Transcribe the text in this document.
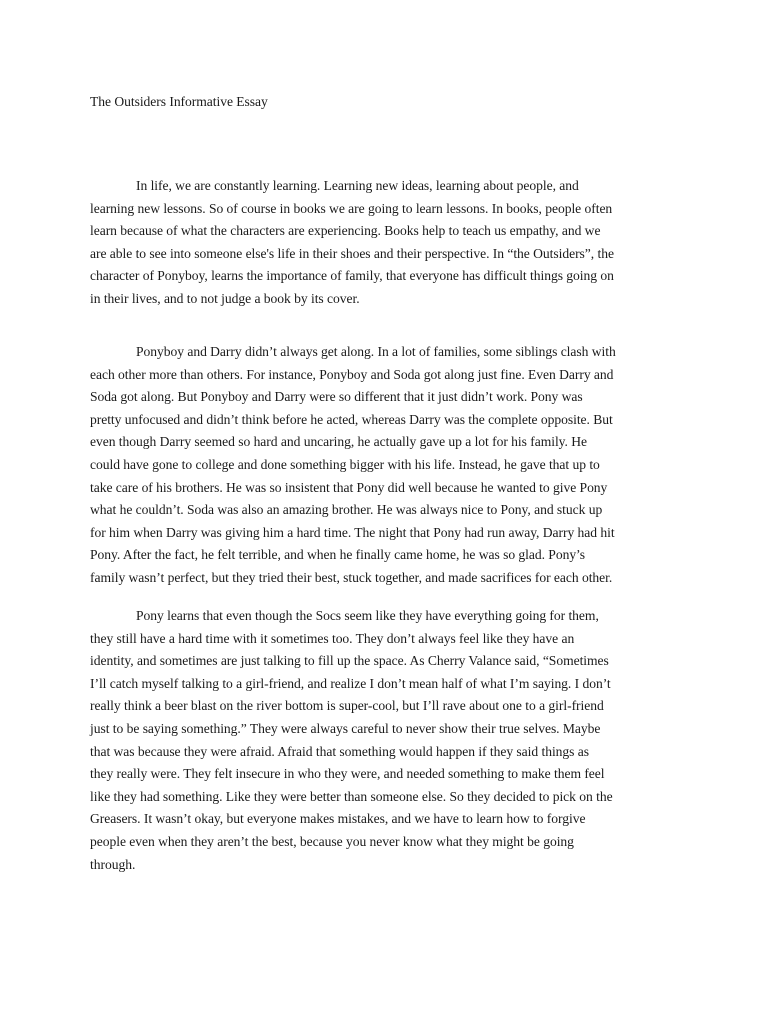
The Outsiders Informative Essay

In life, we are constantly learning. Learning new ideas, learning about people, and
learning new lessons. So of course in books we are going to learn lessons. In books, people often
learn because of what the characters are experiencing. Books help to teach us empathy, and we
are able to see into someone else's life in their shoes and their perspective. In “the Outsiders”, the
character of Ponyboy, learns the importance of family, that everyone has difficult things going on
in their lives, and to not judge a book by its cover.
Ponyboy and Darry didn’t always get along. In a lot of families, some siblings clash with
each other more than others. For instance, Ponyboy and Soda got along just fine. Even Darry and
Soda got along. But Ponyboy and Darry were so different that it just didn’t work. Pony was
pretty unfocused and didn’t think before he acted, whereas Darry was the complete opposite. But
even though Darry seemed so hard and uncaring, he actually gave up a lot for his family. He
could have gone to college and done something bigger with his life. Instead, he gave that up to
take care of his brothers. He was so insistent that Pony did well because he wanted to give Pony
what he couldn’t. Soda was also an amazing brother. He was always nice to Pony, and stuck up
for him when Darry was giving him a hard time. The night that Pony had run away, Darry had hit
Pony. After the fact, he felt terrible, and when he finally came home, he was so glad. Pony’s
family wasn’t perfect, but they tried their best, stuck together, and made sacrifices for each other.
Pony learns that even though the Socs seem like they have everything going for them,
they still have a hard time with it sometimes too. They don’t always feel like they have an
identity, and sometimes are just talking to fill up the space. As Cherry Valance said, “Sometimes
I’ll catch myself talking to a girl-friend, and realize I don’t mean half of what I’m saying. I don’t
really think a beer blast on the river bottom is super-cool, but I’ll rave about one to a girl-friend
just to be saying something.” They were always careful to never show their true selves. Maybe
that was because they were afraid. Afraid that something would happen if they said things as
they really were. They felt insecure in who they were, and needed something to make them feel
like they had something. Like they were better than someone else. So they decided to pick on the
Greasers. It wasn’t okay, but everyone makes mistakes, and we have to learn how to forgive
people even when they aren’t the best, because you never know what they might be going
through.
